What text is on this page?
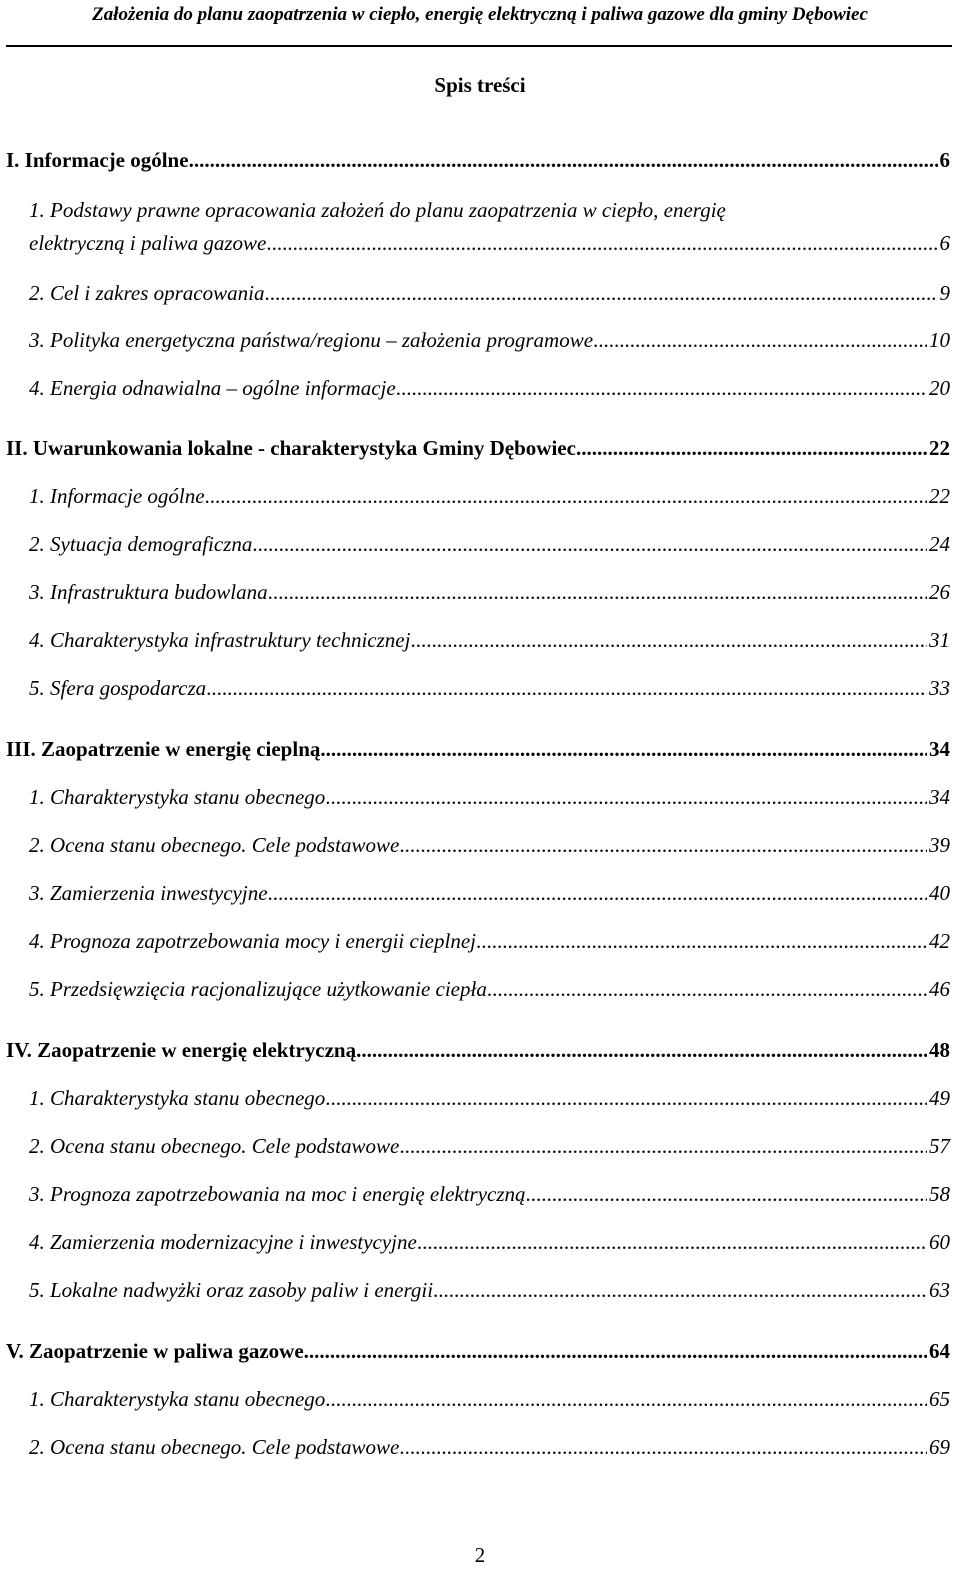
Założenia do planu zaopatrzenia w ciepło, energię elektryczną i paliwa gazowe dla gminy Dębowiec
Spis treści
I. Informacje ogólne .....	6
1. Podstawy prawne opracowania założeń do planu zaopatrzenia w ciepło, energię
elektryczną i paliwa gazowe .....	6
2. Cel i zakres opracowania .....	9
3. Polityka energetyczna państwa/regionu – założenia programowe .....	10
4. Energia odnawialna – ogólne informacje .....	20
II. Uwarunkowania lokalne - charakterystyka Gminy Dębowiec .....	22
1. Informacje ogólne .....	22
2. Sytuacja demograficzna .....	24
3. Infrastruktura budowlana .....	26
4. Charakterystyka infrastruktury technicznej .....	31
5. Sfera gospodarcza .....	33
III. Zaopatrzenie w energię cieplną .....	34
1. Charakterystyka stanu obecnego .....	34
2. Ocena stanu obecnego. Cele podstawowe .....	39
3. Zamierzenia inwestycyjne .....	40
4. Prognoza zapotrzebowania mocy i energii cieplnej .....	42
5. Przedsięwzięcia racjonalizujące użytkowanie ciepła .....	46
IV. Zaopatrzenie w energię elektryczną .....	48
1. Charakterystyka stanu obecnego .....	49
2. Ocena stanu obecnego. Cele podstawowe .....	57
3. Prognoza zapotrzebowania na moc i energię elektryczną .....	58
4. Zamierzenia modernizacyjne i inwestycyjne .....	60
5. Lokalne nadwyżki oraz zasoby paliw i energii .....	63
V. Zaopatrzenie w paliwa gazowe .....	64
1. Charakterystyka stanu obecnego .....	65
2. Ocena stanu obecnego. Cele podstawowe .....	69
2
